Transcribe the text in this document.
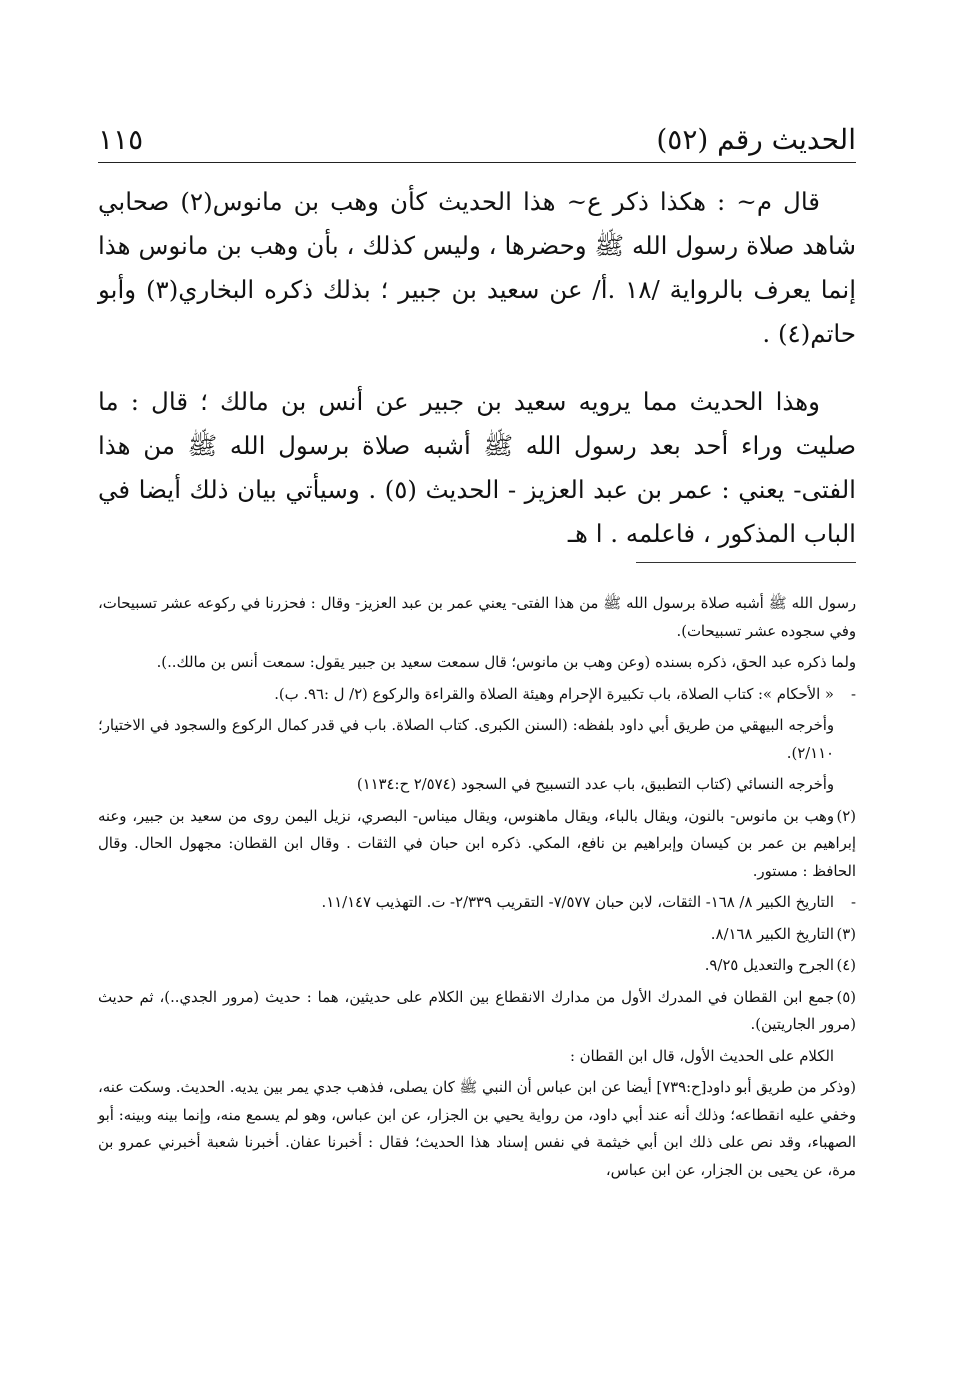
الحديث رقم (٥٢)
١١٥

قال م~ : هكذا ذكر ع~ هذا الحديث كأن وهب بن مانوس(٢) صحابي شاهد صلاة رسول الله ﷺ وحضرها ، وليس كذلك ، بأن وهب بن مانوس هذا إنما يعرف بالرواية /١٨ .أ/ عن سعيد بن جبير ؛ بذلك ذكره البخاري(٣) وأبو حاتم(٤) .

وهذا الحديث مما يرويه سعيد بن جبير عن أنس بن مالك ؛ قال : ما صليت وراء أحد بعد رسول الله ﷺ أشبه صلاة برسول الله ﷺ من هذا الفتى- يعني : عمر بن عبد العزيز - الحديث (٥) . وسيأتي بيان ذلك أيضا في الباب المذكور ، فاعلمه . ا هـ

رسول الله ﷺ أشبه صلاة برسول الله ﷺ من هذا الفتى- يعني عمر بن عبد العزيز- وقال : فحزرنا في ركوعه عشر تسبيحات، وفي سجوده عشر تسبيحات).

ولما ذكره عبد الحق، ذكره بسنده (وعن وهب بن مانوس؛ قال سمعت سعيد بن جبير يقول: سمعت أنس بن مالك..).

-« الأحكام »: كتاب الصلاة، باب تكبيرة الإحرام وهيئة الصلاة والقراءة والركوع (٢/ ل :٩٦. ب).

وأخرجه البيهقي من طريق أبي داود بلفظه: (السنن الكبرى. كتاب الصلاة. باب في قدر كمال الركوع والسجود في الاختيار؛ ٢/١١٠).

وأخرجه النسائي (كتاب التطبيق، باب عدد التسبيح في السجود (٢/٥٧٤ ح:١١٣٤)

(٢)وهب بن مانوس- بالنون، ويقال بالباء، ويقال ماهنوس، ويقال ميناس- البصري، نزيل اليمن روى من سعيد بن جبير، وعنه إبراهيم بن عمر بن كيسان وإبراهيم بن نافع، المكي. ذكره ابن حبان في الثقات . وقال ابن القطان: مجهول الحال. وقال الحافظ : مستور.

-التاريخ الكبير ٨/ ١٦٨- الثقات، لابن حبان ٧/٥٧٧- التقريب ٢/٣٣٩- ت. التهذيب ١١/١٤٧.

(٣)التاريخ الكبير ٨/١٦٨.

(٤)الجرح والتعديل ٩/٢٥.

(٥)جمع ابن القطان في المدرك الأول من مدارك الانقطاع بين الكلام على حديثين، هما : حديث (مرور الجدي..)، ثم حديث (مرور الجاريتين).

الكلام على الحديث الأول، قال ابن القطان :

(وذكر من طريق أبو داود[ح:٧٣٩] أيضا عن ابن عباس أن النبي ﷺ كان يصلى، فذهب جدي يمر بين يديه. الحديث. وسكت عنه، وخفي عليه انقطاعه؛ وذلك أنه عند أبي داود، من رواية يحيي بن الجزار، عن ابن عباس، وهو لم يسمع منه، وإنما بينه وبينه: أبو الصهباء، وقد نص على ذلك ابن أبي خيثمة في نفس إسناد هذا الحديث؛ فقال : أخبرنا عفان. أخبرنا شعبة أخبرني عمرو بن مرة، عن يحيى بن الجزار، عن ابن عباس،
